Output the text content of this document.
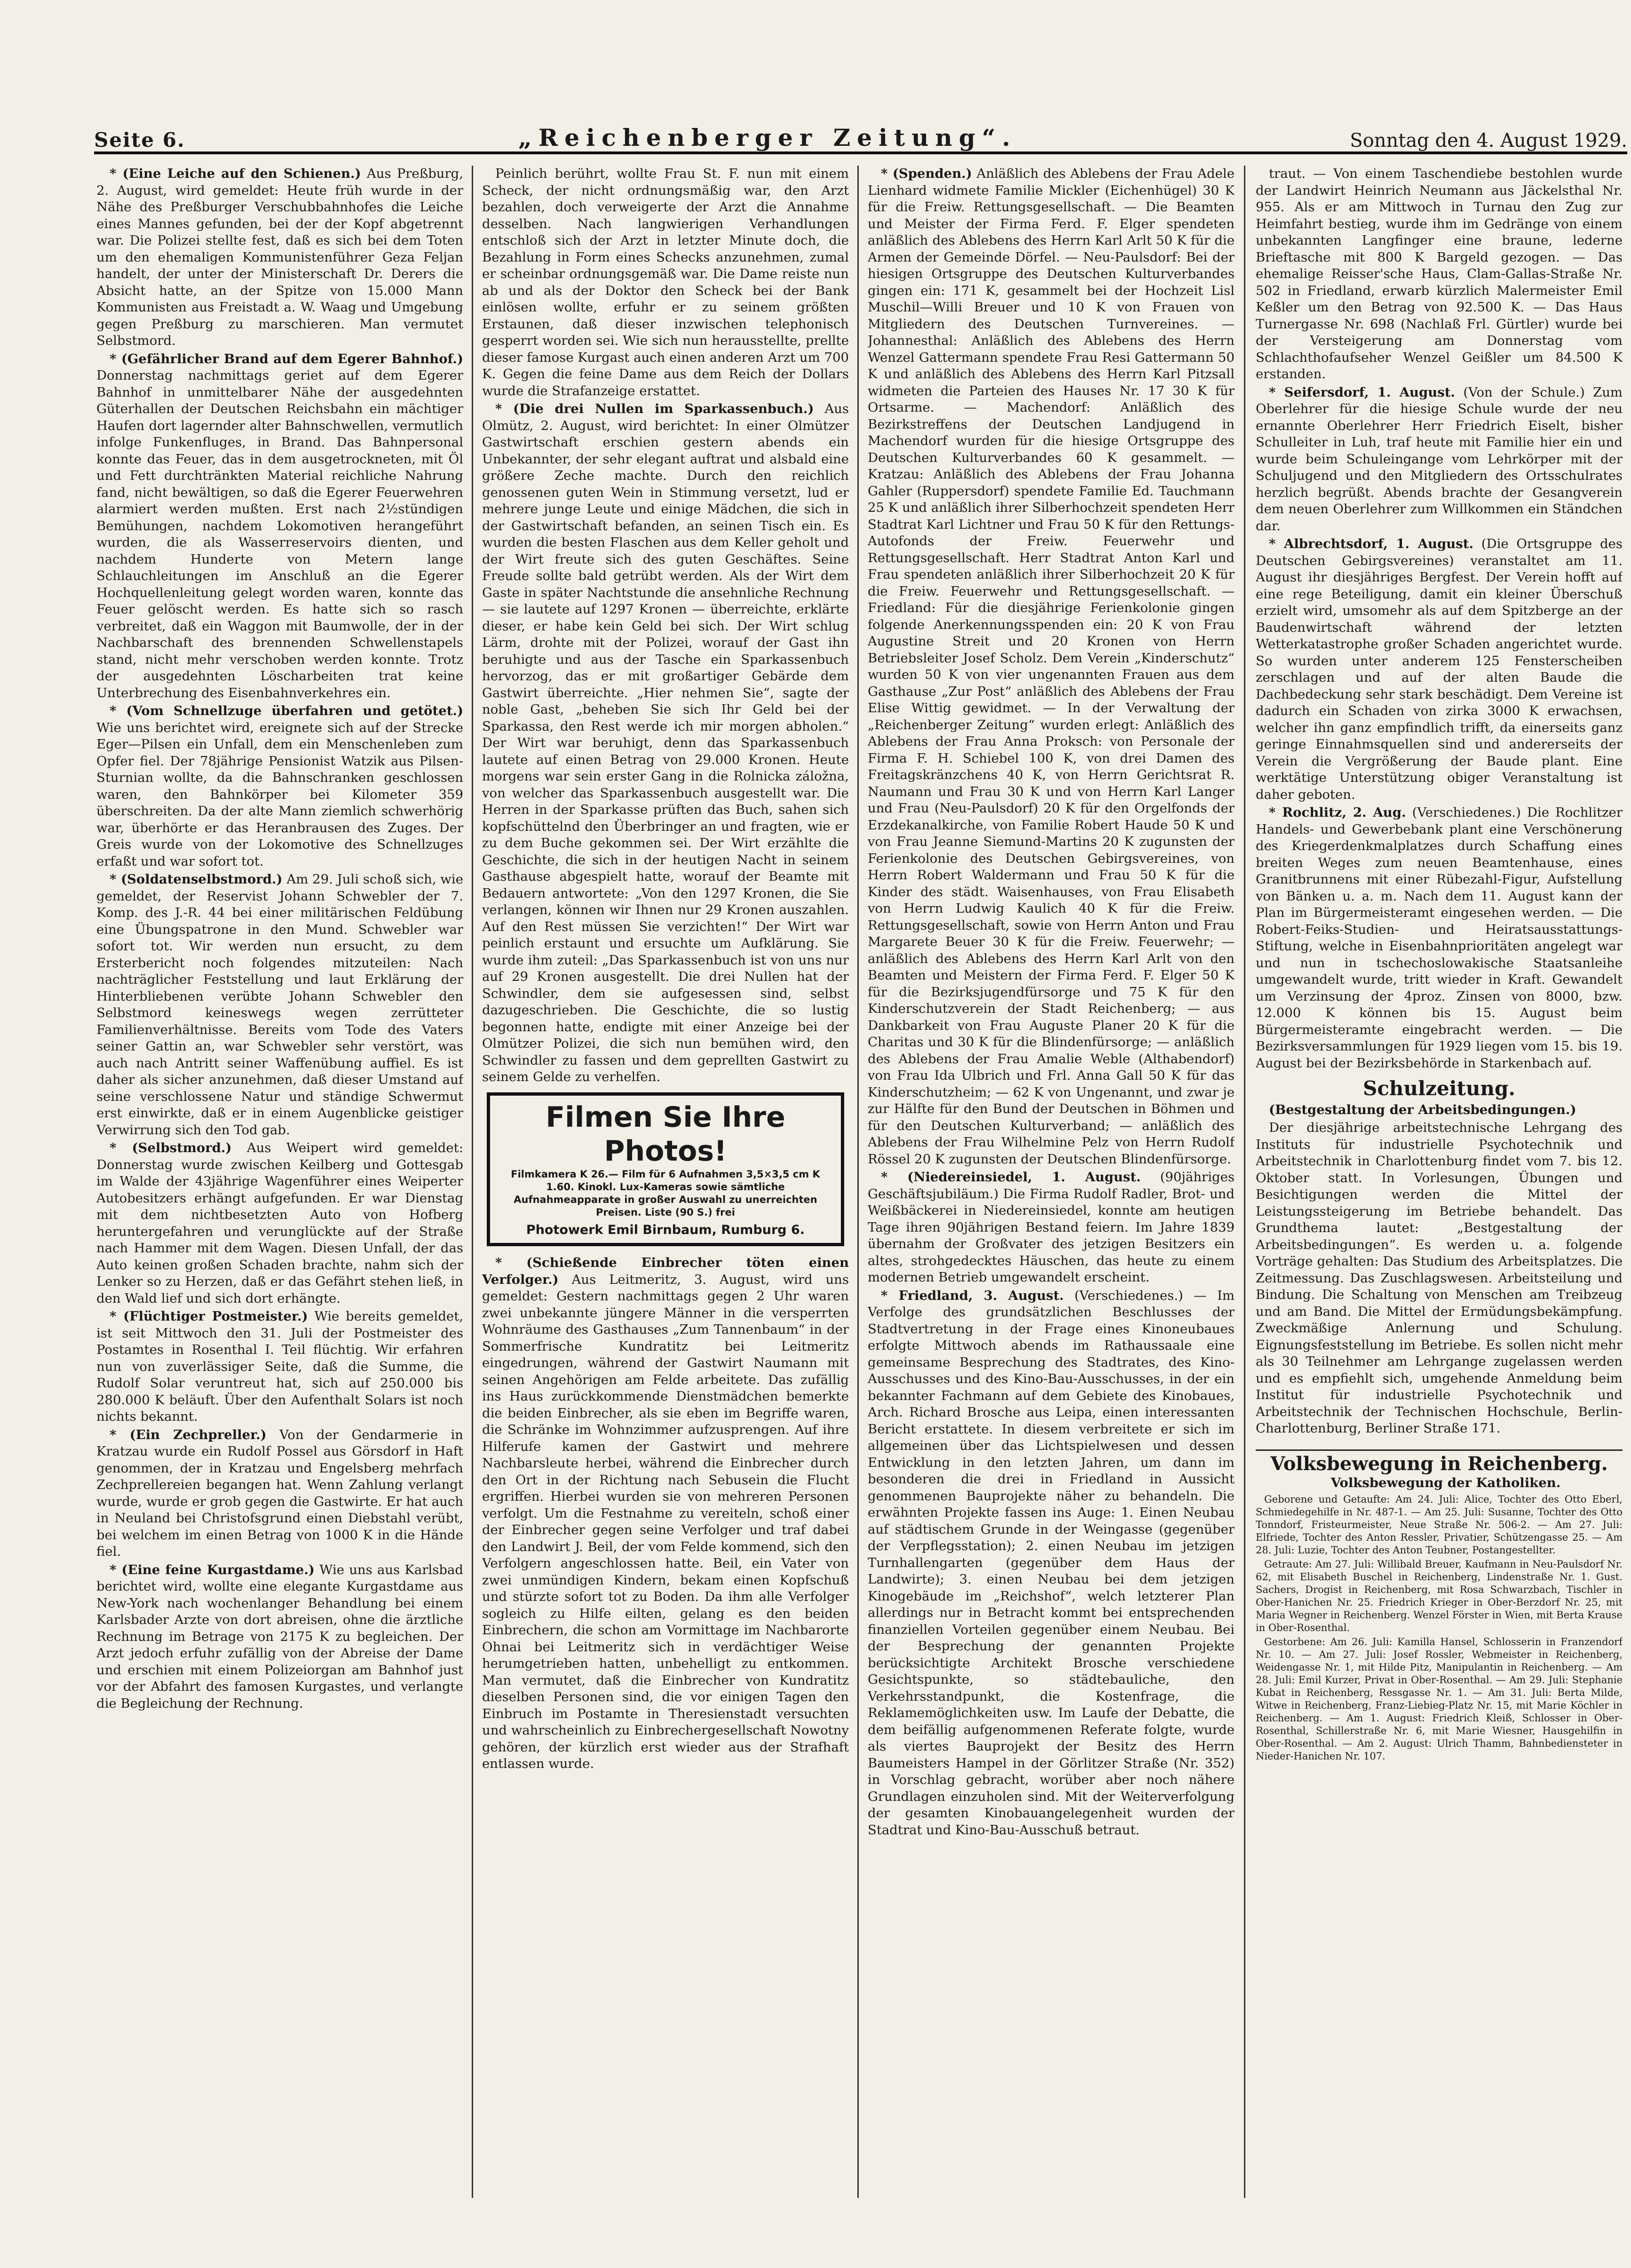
Seite 6.	„Reichenberger Zeitung“.	Sonntag den 4. August 1929.

* (Eine Leiche auf den Schienen.) Aus Preßburg, 2. August, wird gemeldet: Heute früh wurde in der Nähe des Preßburger Verschubbahnhofes die Leiche eines Mannes gefunden, bei der der Kopf abgetrennt war. Die Polizei stellte fest, daß es sich bei dem Toten um den ehemaligen Kommunistenführer Geza Feljan handelt, der unter der Ministerschaft Dr. Derers die Absicht hatte, an der Spitze von 15.000 Mann Kommunisten aus Freistadt a. W. Waag und Umgebung gegen Preßburg zu marschieren. Man vermutet Selbstmord.

* (Gefährlicher Brand auf dem Egerer Bahnhof.) Donnerstag nachmittags geriet auf dem Egerer Bahnhof in unmittelbarer Nähe der ausgedehnten Güterhallen der Deutschen Reichsbahn ein mächtiger Haufen dort lagernder alter Bahnschwellen, vermutlich infolge Funkenfluges, in Brand. Das Bahnpersonal konnte das Feuer, das in dem ausgetrockneten, mit Öl und Fett durchtränkten Material reichliche Nahrung fand, nicht bewältigen, so daß die Egerer Feuerwehren alarmiert werden mußten. Erst nach 2½stündigen Bemühungen, nachdem Lokomotiven herangeführt wurden, die als Wasserreservoirs dienten, und nachdem Hunderte von Metern lange Schlauchleitungen im Anschluß an die Egerer Hochquellenleitung gelegt worden waren, konnte das Feuer gelöscht werden. Es hatte sich so rasch verbreitet, daß ein Waggon mit Baumwolle, der in der Nachbarschaft des brennenden Schwellenstapels stand, nicht mehr verschoben werden konnte. Trotz der ausgedehnten Löscharbeiten trat keine Unterbrechung des Eisenbahnverkehres ein.

* (Vom Schnellzuge überfahren und getötet.) Wie uns berichtet wird, ereignete sich auf der Strecke Eger—Pilsen ein Unfall, dem ein Menschenleben zum Opfer fiel. Der 78jährige Pensionist Watzik aus Pilsen-Sturnian wollte, da die Bahnschranken geschlossen waren, den Bahnkörper bei Kilometer 359 überschreiten. Da der alte Mann ziemlich schwerhörig war, überhörte er das Heranbrausen des Zuges. Der Greis wurde von der Lokomotive des Schnellzuges erfaßt und war sofort tot.

* (Soldatenselbstmord.) Am 29. Juli schoß sich, wie gemeldet, der Reservist Johann Schwebler der 7. Komp. des J.-R. 44 bei einer militärischen Feldübung eine Übungspatrone in den Mund. Schwebler war sofort tot. Wir werden nun ersucht, zu dem Ersterbericht noch folgendes mitzuteilen: Nach nachträglicher Feststellung und laut Erklärung der Hinterbliebenen verübte Johann Schwebler den Selbstmord keineswegs wegen zerrütteter Familienverhältnisse. Bereits vom Tode des Vaters seiner Gattin an, war Schwebler sehr verstört, was auch nach Antritt seiner Waffenübung auffiel. Es ist daher als sicher anzunehmen, daß dieser Umstand auf seine verschlossene Natur und ständige Schwermut erst einwirkte, daß er in einem Augenblicke geistiger Verwirrung sich den Tod gab.

* (Selbstmord.) Aus Weipert wird gemeldet: Donnerstag wurde zwischen Keilberg und Gottesgab im Walde der 43jährige Wagenführer eines Weiperter Autobesitzers erhängt aufgefunden. Er war Dienstag mit dem nichtbesetzten Auto von Hofberg heruntergefahren und verunglückte auf der Straße nach Hammer mit dem Wagen. Diesen Unfall, der das Auto keinen großen Schaden brachte, nahm sich der Lenker so zu Herzen, daß er das Gefährt stehen ließ, in den Wald lief und sich dort erhängte.

* (Flüchtiger Postmeister.) Wie bereits gemeldet, ist seit Mittwoch den 31. Juli der Postmeister des Postamtes in Rosenthal I. Teil flüchtig. Wir erfahren nun von zuverlässiger Seite, daß die Summe, die Rudolf Solar veruntreut hat, sich auf 250.000 bis 280.000 K beläuft. Über den Aufenthalt Solars ist noch nichts bekannt.

* (Ein Zechpreller.) Von der Gendarmerie in Kratzau wurde ein Rudolf Possel aus Görsdorf in Haft genommen, der in Kratzau und Engelsberg mehrfach Zechprellereien begangen hat. Wenn Zahlung verlangt wurde, wurde er grob gegen die Gastwirte. Er hat auch in Neuland bei Christofsgrund einen Diebstahl verübt, bei welchem im einen Betrag von 1000 K in die Hände fiel.

* (Eine feine Kurgastdame.) Wie uns aus Karlsbad berichtet wird, wollte eine elegante Kurgastdame aus New-York nach wochenlanger Behandlung bei einem Karlsbader Arzte von dort abreisen, ohne die ärztliche Rechnung im Betrage von 2175 K zu begleichen. Der Arzt jedoch erfuhr zufällig von der Abreise der Dame und erschien mit einem Polizeiorgan am Bahnhof just vor der Abfahrt des famosen Kurgastes, und verlangte die Begleichung der Rechnung.

Peinlich berührt, wollte Frau St. F. nun mit einem Scheck, der nicht ordnungsmäßig war, den Arzt bezahlen, doch verweigerte der Arzt die Annahme desselben. Nach langwierigen Verhandlungen entschloß sich der Arzt in letzter Minute doch, die Bezahlung in Form eines Schecks anzunehmen, zumal er scheinbar ordnungsgemäß war. Die Dame reiste nun ab und als der Doktor den Scheck bei der Bank einlösen wollte, erfuhr er zu seinem größten Erstaunen, daß dieser inzwischen telephonisch gesperrt worden sei. Wie sich nun herausstellte, prellte dieser famose Kurgast auch einen anderen Arzt um 700 K. Gegen die feine Dame aus dem Reich der Dollars wurde die Strafanzeige erstattet.

* (Die drei Nullen im Sparkassenbuch.) Aus Olmütz, 2. August, wird berichtet: In einer Olmützer Gastwirtschaft erschien gestern abends ein Unbekannter, der sehr elegant auftrat und alsbald eine größere Zeche machte. Durch den reichlich genossenen guten Wein in Stimmung versetzt, lud er mehrere junge Leute und einige Mädchen, die sich in der Gastwirtschaft befanden, an seinen Tisch ein. Es wurden die besten Flaschen aus dem Keller geholt und der Wirt freute sich des guten Geschäftes. Seine Freude sollte bald getrübt werden. Als der Wirt dem Gaste in später Nachtstunde die ansehnliche Rechnung — sie lautete auf 1297 Kronen — überreichte, erklärte dieser, er habe kein Geld bei sich. Der Wirt schlug Lärm, drohte mit der Polizei, worauf der Gast ihn beruhigte und aus der Tasche ein Sparkassenbuch hervorzog, das er mit großartiger Gebärde dem Gastwirt überreichte. „Hier nehmen Sie“, sagte der noble Gast, „beheben Sie sich Ihr Geld bei der Sparkassa, den Rest werde ich mir morgen abholen.“ Der Wirt war beruhigt, denn das Sparkassenbuch lautete auf einen Betrag von 29.000 Kronen. Heute morgens war sein erster Gang in die Rolnicka záložna, von welcher das Sparkassenbuch ausgestellt war. Die Herren in der Sparkasse prüften das Buch, sahen sich kopfschüttelnd den Überbringer an und fragten, wie er zu dem Buche gekommen sei. Der Wirt erzählte die Geschichte, die sich in der heutigen Nacht in seinem Gasthause abgespielt hatte, worauf der Beamte mit Bedauern antwortete: „Von den 1297 Kronen, die Sie verlangen, können wir Ihnen nur 29 Kronen auszahlen. Auf den Rest müssen Sie verzichten!“ Der Wirt war peinlich erstaunt und ersuchte um Aufklärung. Sie wurde ihm zuteil: „Das Sparkassenbuch ist von uns nur auf 29 Kronen ausgestellt. Die drei Nullen hat der Schwindler, dem sie aufgesessen sind, selbst dazugeschrieben. Die Geschichte, die so lustig begonnen hatte, endigte mit einer Anzeige bei der Olmützer Polizei, die sich nun bemühen wird, den Schwindler zu fassen und dem geprellten Gastwirt zu seinem Gelde zu verhelfen.

Filmen Sie Ihre Photos!
Filmkamera K 26.— Film für 6 Aufnahmen 3,5×3,5 cm K 1.60. Kinokl. Lux-Kameras sowie sämtliche Aufnahmeapparate in großer Auswahl zu unerreichten Preisen. Liste (90 S.) frei
Photowerk Emil Birnbaum, Rumburg 6.

* (Schießende Einbrecher töten einen Verfolger.) Aus Leitmeritz, 3. August, wird uns gemeldet: Gestern nachmittags gegen 2 Uhr waren zwei unbekannte jüngere Männer in die versperrten Wohnräume des Gasthauses „Zum Tannenbaum“ in der Sommerfrische Kundratitz bei Leitmeritz eingedrungen, während der Gastwirt Naumann mit seinen Angehörigen am Felde arbeitete. Das zufällig ins Haus zurückkommende Dienstmädchen bemerkte die beiden Einbrecher, als sie eben im Begriffe waren, die Schränke im Wohnzimmer aufzusprengen. Auf ihre Hilferufe kamen der Gastwirt und mehrere Nachbarsleute herbei, während die Einbrecher durch den Ort in der Richtung nach Sebusein die Flucht ergriffen. Hierbei wurden sie von mehreren Personen verfolgt. Um die Festnahme zu vereiteln, schoß einer der Einbrecher gegen seine Verfolger und traf dabei den Landwirt J. Beil, der vom Felde kommend, sich den Verfolgern angeschlossen hatte. Beil, ein Vater von zwei unmündigen Kindern, bekam einen Kopfschuß und stürzte sofort tot zu Boden. Da ihm alle Verfolger sogleich zu Hilfe eilten, gelang es den beiden Einbrechern, die schon am Vormittage im Nachbarorte Ohnai bei Leitmeritz sich in verdächtiger Weise herumgetrieben hatten, unbehelligt zu entkommen. Man vermutet, daß die Einbrecher von Kundratitz dieselben Personen sind, die vor einigen Tagen den Einbruch im Postamte in Theresienstadt versuchten und wahrscheinlich zu Einbrechergesellschaft Nowotny gehören, der kürzlich erst wieder aus der Strafhaft entlassen wurde.

* (Spenden.) Anläßlich des Ablebens der Frau Adele Lienhard widmete Familie Mickler (Eichenhügel) 30 K für die Freiw. Rettungsgesellschaft. — Die Beamten und Meister der Firma Ferd. F. Elger spendeten anläßlich des Ablebens des Herrn Karl Arlt 50 K für die Armen der Gemeinde Dörfel. — Neu-Paulsdorf: Bei der hiesigen Ortsgruppe des Deutschen Kulturverbandes gingen ein: 171 K, gesammelt bei der Hochzeit Lisl Muschil—Willi Breuer und 10 K von Frauen von Mitgliedern des Deutschen Turnvereines. — Johannesthal: Anläßlich des Ablebens des Herrn Wenzel Gattermann spendete Frau Resi Gattermann 50 K und anläßlich des Ablebens des Herrn Karl Pitzsall widmeten die Parteien des Hauses Nr. 17 30 K für Ortsarme. — Machendorf: Anläßlich des Bezirkstreffens der Deutschen Landjugend in Machendorf wurden für die hiesige Ortsgruppe des Deutschen Kulturverbandes 60 K gesammelt. — Kratzau: Anläßlich des Ablebens der Frau Johanna Gahler (Ruppersdorf) spendete Familie Ed. Tauchmann 25 K und anläßlich ihrer Silberhochzeit spendeten Herr Stadtrat Karl Lichtner und Frau 50 K für den Rettungs-Autofonds der Freiw. Feuerwehr und Rettungsgesellschaft. Herr Stadtrat Anton Karl und Frau spendeten anläßlich ihrer Silberhochzeit 20 K für die Freiw. Feuerwehr und Rettungsgesellschaft. — Friedland: Für die diesjährige Ferienkolonie gingen folgende Anerkennungsspenden ein: 20 K von Frau Augustine Streit und 20 Kronen von Herrn Betriebsleiter Josef Scholz. Dem Verein „Kinderschutz“ wurden 50 K von vier ungenannten Frauen aus dem Gasthause „Zur Post“ anläßlich des Ablebens der Frau Elise Wittig gewidmet. — In der Verwaltung der „Reichenberger Zeitung“ wurden erlegt: Anläßlich des Ablebens der Frau Anna Proksch: von Personale der Firma F. H. Schiebel 100 K, von drei Damen des Freitagskränzchens 40 K, von Herrn Gerichtsrat R. Naumann und Frau 30 K und von Herrn Karl Langer und Frau (Neu-Paulsdorf) 20 K für den Orgelfonds der Erzdekanalkirche, von Familie Robert Haude 50 K und von Frau Jeanne Siemund-Martins 20 K zugunsten der Ferienkolonie des Deutschen Gebirgsvereines, von Herrn Robert Waldermann und Frau 50 K für die Kinder des städt. Waisenhauses, von Frau Elisabeth von Herrn Ludwig Kaulich 40 K für die Freiw. Rettungsgesellschaft, sowie von Herrn Anton und Frau Margarete Beuer 30 K für die Freiw. Feuerwehr; — anläßlich des Ablebens des Herrn Karl Arlt von den Beamten und Meistern der Firma Ferd. F. Elger 50 K für die Bezirksjugendfürsorge und 75 K für den Kinderschutzverein der Stadt Reichenberg; — aus Dankbarkeit von Frau Auguste Planer 20 K für die Charitas und 30 K für die Blindenfürsorge; — anläßlich des Ablebens der Frau Amalie Weble (Althabendorf) von Frau Ida Ulbrich und Frl. Anna Gall 50 K für das Kinderschutzheim; — 62 K von Ungenannt, und zwar je zur Hälfte für den Bund der Deutschen in Böhmen und für den Deutschen Kulturverband; — anläßlich des Ablebens der Frau Wilhelmine Pelz von Herrn Rudolf Rössel 20 K zugunsten der Deutschen Blindenfürsorge.

* (Niedereinsiedel, 1. August. (90jähriges Geschäftsjubiläum.) Die Firma Rudolf Radler, Brot- und Weißbäckerei in Niedereinsiedel, konnte am heutigen Tage ihren 90jährigen Bestand feiern. Im Jahre 1839 übernahm der Großvater des jetzigen Besitzers ein altes, strohgedecktes Häuschen, das heute zu einem modernen Betrieb umgewandelt erscheint.

* Friedland, 3. August. (Verschiedenes.) — Im Verfolge des grundsätzlichen Beschlusses der Stadtvertretung in der Frage eines Kinoneubaues erfolgte Mittwoch abends im Rathaussaale eine gemeinsame Besprechung des Stadtrates, des Kino-Ausschusses und des Kino-Bau-Ausschusses, in der ein bekannter Fachmann auf dem Gebiete des Kinobaues, Arch. Richard Brosche aus Leipa, einen interessanten Bericht erstattete. In diesem verbreitete er sich im allgemeinen über das Lichtspielwesen und dessen Entwicklung in den letzten Jahren, um dann im besonderen die drei in Friedland in Aussicht genommenen Bauprojekte näher zu behandeln. Die erwähnten Projekte fassen ins Auge: 1. Einen Neubau auf städtischem Grunde in der Weingasse (gegenüber der Verpflegsstation); 2. einen Neubau im jetzigen Turnhallengarten (gegenüber dem Haus der Landwirte); 3. einen Neubau bei dem jetzigen Kinogebäude im „Reichshof“, welch letzterer Plan allerdings nur in Betracht kommt bei entsprechenden finanziellen Vorteilen gegenüber einem Neubau. Bei der Besprechung der genannten Projekte berücksichtigte Architekt Brosche verschiedene Gesichtspunkte, so städtebauliche, den Verkehrsstandpunkt, die Kostenfrage, die Reklamemöglichkeiten usw. Im Laufe der Debatte, die dem beifällig aufgenommenen Referate folgte, wurde als viertes Bauprojekt der Besitz des Herrn Baumeisters Hampel in der Görlitzer Straße (Nr. 352) in Vorschlag gebracht, worüber aber noch nähere Grundlagen einzuholen sind. Mit der Weiterverfolgung der gesamten Kinobauangelegenheit wurden der Stadtrat und Kino-Bau-Ausschuß betraut.

traut. — Von einem Taschendiebe bestohlen wurde der Landwirt Heinrich Neumann aus Jäckelsthal Nr. 955. Als er am Mittwoch in Turnau den Zug zur Heimfahrt bestieg, wurde ihm im Gedränge von einem unbekannten Langfinger eine braune, lederne Brieftasche mit 800 K Bargeld gezogen. — Das ehemalige Reisser'sche Haus, Clam-Gallas-Straße Nr. 502 in Friedland, erwarb kürzlich Malermeister Emil Keßler um den Betrag von 92.500 K. — Das Haus Turnergasse Nr. 698 (Nachlaß Frl. Gürtler) wurde bei der Versteigerung am Donnerstag vom Schlachthofaufseher Wenzel Geißler um 84.500 K erstanden.

* Seifersdorf, 1. August. (Von der Schule.) Zum Oberlehrer für die hiesige Schule wurde der neu ernannte Oberlehrer Herr Friedrich Eiselt, bisher Schulleiter in Luh, traf heute mit Familie hier ein und wurde beim Schuleingange vom Lehrkörper mit der Schuljugend und den Mitgliedern des Ortsschulrates herzlich begrüßt. Abends brachte der Gesangverein dem neuen Oberlehrer zum Willkommen ein Ständchen dar.

* Albrechtsdorf, 1. August. (Die Ortsgruppe des Deutschen Gebirgsvereines) veranstaltet am 11. August ihr diesjähriges Bergfest. Der Verein hofft auf eine rege Beteiligung, damit ein kleiner Überschuß erzielt wird, umsomehr als auf dem Spitzberge an der Baudenwirtschaft während der letzten Wetterkatastrophe großer Schaden angerichtet wurde. So wurden unter anderem 125 Fensterscheiben zerschlagen und auf der alten Baude die Dachbedeckung sehr stark beschädigt. Dem Vereine ist dadurch ein Schaden von zirka 3000 K erwachsen, welcher ihn ganz empfindlich trifft, da einerseits ganz geringe Einnahmsquellen sind und andererseits der Verein die Vergrößerung der Baude plant. Eine werktätige Unterstützung obiger Veranstaltung ist daher geboten.

* Rochlitz, 2. Aug. (Verschiedenes.) Die Rochlitzer Handels- und Gewerbebank plant eine Verschönerung des Kriegerdenkmalplatzes durch Schaffung eines breiten Weges zum neuen Beamtenhause, eines Granitbrunnens mit einer Rübezahl-Figur, Aufstellung von Bänken u. a. m. Nach dem 11. August kann der Plan im Bürgermeisteramt eingesehen werden. — Die Robert-Feiks-Studien- und Heiratsausstattungs-Stiftung, welche in Eisenbahnprioritäten angelegt war und nun in tschechoslowakische Staatsanleihe umgewandelt wurde, tritt wieder in Kraft. Gewandelt um Verzinsung der 4proz. Zinsen von 8000, bzw. 12.000 K können bis 15. August beim Bürgermeisteramte eingebracht werden. — Die Bezirksversammlungen für 1929 liegen vom 15. bis 19. August bei der Bezirksbehörde in Starkenbach auf.

Schulzeitung.

(Bestgestaltung der Arbeitsbedingungen.)

Der diesjährige arbeitstechnische Lehrgang des Instituts für industrielle Psychotechnik und Arbeitstechnik in Charlottenburg findet vom 7. bis 12. Oktober statt. In Vorlesungen, Übungen und Besichtigungen werden die Mittel der Leistungssteigerung im Betriebe behandelt. Das Grundthema lautet: „Bestgestaltung der Arbeitsbedingungen“. Es werden u. a. folgende Vorträge gehalten: Das Studium des Arbeitsplatzes. Die Zeitmessung. Das Zuschlagswesen. Arbeitsteilung und Bindung. Die Schaltung von Menschen am Treibzeug und am Band. Die Mittel der Ermüdungsbekämpfung. Zweckmäßige Anlernung und Schulung. Eignungsfeststellung im Betriebe. Es sollen nicht mehr als 30 Teilnehmer am Lehrgange zugelassen werden und es empfiehlt sich, umgehende Anmeldung beim Institut für industrielle Psychotechnik und Arbeitstechnik der Technischen Hochschule, Berlin-Charlottenburg, Berliner Straße 171.

Volksbewegung in Reichenberg.

Volksbewegung der Katholiken.

Geborene und Getaufte: Am 24. Juli: Alice, Tochter des Otto Eberl, Schmiedegehilfe in Nr. 487-1. — Am 25. Juli: Susanne, Tochter des Otto Tonndorf, Fristeurmeister, Neue Straße Nr. 506-2. — Am 27. Juli: Elfriede, Tochter des Anton Ressler, Privatier, Schützengasse 25. — Am 28. Juli: Luzie, Tochter des Anton Teubner, Postangestellter.

Getraute: Am 27. Juli: Willibald Breuer, Kaufmann in Neu-Paulsdorf Nr. 62, mit Elisabeth Buschel in Reichenberg, Lindenstraße Nr. 1. Gust. Sachers, Drogist in Reichenberg, mit Rosa Schwarzbach, Tischler in Ober-Hanichen Nr. 25. Friedrich Krieger in Ober-Berzdorf Nr. 25, mit Maria Wegner in Reichenberg. Wenzel Förster in Wien, mit Berta Krause in Ober-Rosenthal.

Gestorbene: Am 26. Juli: Kamilla Hansel, Schlosserin in Franzendorf Nr. 10. — Am 27. Juli: Josef Rossler, Webmeister in Reichenberg, Weidengasse Nr. 1, mit Hilde Pitz, Manipulantin in Reichenberg. — Am 28. Juli: Emil Kurzer, Privat in Ober-Rosenthal. — Am 29. Juli: Stephanie Kubat in Reichenberg, Ressgasse Nr. 1. — Am 31. Juli: Berta Milde, Witwe in Reichenberg, Franz-Liebieg-Platz Nr. 15, mit Marie Köchler in Reichenberg. — Am 1. August: Friedrich Kleiß, Schlosser in Ober-Rosenthal, Schillerstraße Nr. 6, mit Marie Wiesner, Hausgehilfin in Ober-Rosenthal. — Am 2. August: Ulrich Thamm, Bahnbediensteter in Nieder-Hanichen Nr. 107.
